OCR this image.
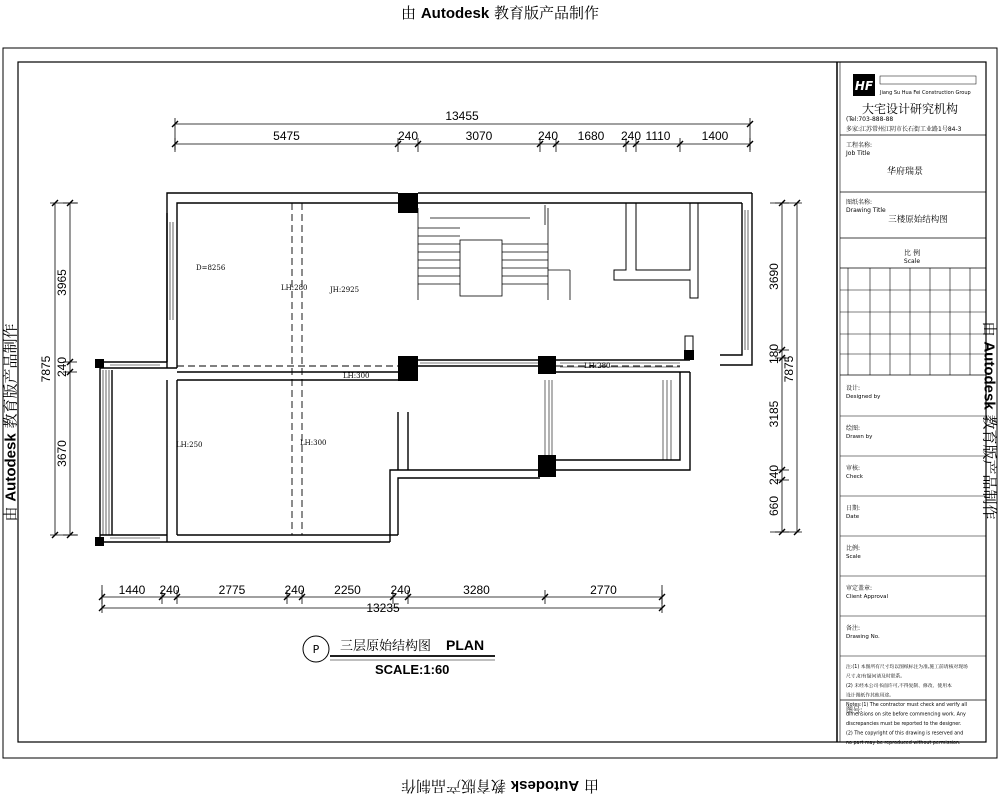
由 Autodesk 教育版产品制作
由 Autodesk 教育版产品制作
由 Autodesk 教育版产品制作	由 Autodesk 教育版产品制作
HF Jiang Su Hua Fei Construction Group
大宅设计研究机构
(Tel:703-888-88
多家:江苏常州江阴市长石街工业路1号84-3
工程名称:
Job Title
华府瑞景
图纸名称:
Drawing Title
三楼原始结构图
比 例
Scale
设计:
Designed by
绘图:
Drawn by
审核:
Check
日期:
Date
比例:
Scale
审定盖章:
Client Approval
备注:
Drawing No.
注:(1) 本图所有尺寸均以图纸标注为准,施工前请核对现场
尺寸,如有疑问请及时联系。
(2) 未经本公司书面许可,不得复制、修改、使用本
设计图纸作其他用途。
Notes:(1) The contractor must check and verify all
dimensions on site before commencing work. Any
discrepancies must be reported to the designer.
(2) The copyright of this drawing is reserved and
no part may be reproduced without permission.
图号:
5475	240	3070	240 1680 240 1110	1400
13455
1440 240	2775	240 2250 240	3280	2770
13235
3965
240
3670
7875
3690
180
3185
240
660
7875
LH:280	JH:2925
LH:300
LH:280
LH:250	LH:300
D=8256
P 三层原始结构图 PLAN
SCALE:1:60
